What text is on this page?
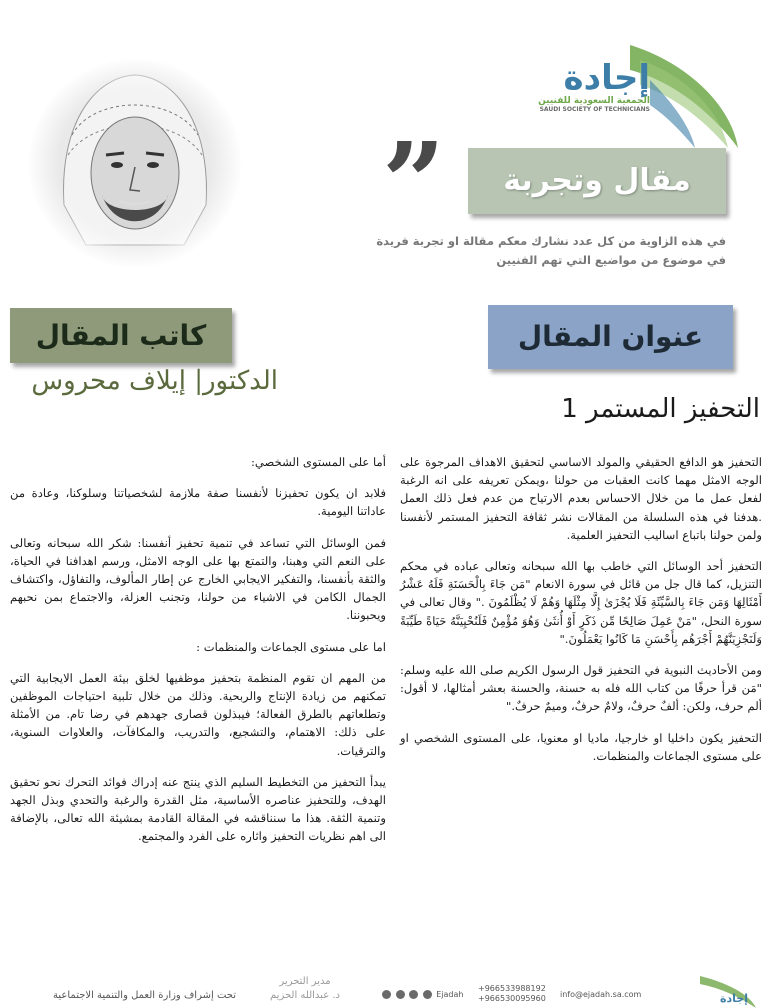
إجادة
الجمعية السعودية للفنيين
SAUDI SOCIETY OF TECHNICIANS
”	مقال وتجربة
في هذه الزاوية من كل عدد نشارك معكم مقالة او تجربة فريدة في موضوع من مواضيع التي تهم الفنيين
عنوان المقال
كاتب المقال
الدكتور| إيلاف محروس
التحفيز المستمر 1

التحفيز هو الدافع الحقيقي والمولد الاساسي لتحقيق الاهداف المرجوة على الوجه الامثل مهما كانت العقبات من حولنا ،ويمكن تعريفه على انه الرغبة لفعل عمل ما من خلال الاحساس بعدم الارتياح من عدم فعل ذلك العمل .هدفنا في هذه السلسلة من المقالات نشر ثقافة التحفيز المستمر لأنفسنا ولمن حولنا باتباع اساليب التحفيز العلمية.

التحفيز أحد الوسائل التي خاطب بها الله سبحانه وتعالى عباده في محكم التنزيل، كما قال جل من قائل في سورة الانعام "مَن جَاءَ بِالْحَسَنَةِ فَلَهُ عَشْرُ أَمْثَالِهَا وَمَن جَاءَ بِالسَّيِّئَةِ فَلَا يُجْزَىٰ إِلَّا مِثْلَهَا وَهُمْ لَا يُظْلَمُونَ ." وقال تعالى في سورة النحل، "مَنْ عَمِلَ صَالِحًا مِّن ذَكَرٍ أَوْ أُنثَىٰ وَهُوَ مُؤْمِنٌ فَلَنُحْيِيَنَّهُ حَيَاةً طَيِّبَةً وَلَنَجْزِيَنَّهُمْ أَجْرَهُم بِأَحْسَنِ مَا كَانُوا يَعْمَلُونَ."

ومن الأحاديث النبوية في التحفيز قول الرسول الكريم صلى الله عليه وسلم: "مَن قرأ حرفًا من كتاب الله فله به حسنة، والحسنة بعشر أمثالها، لا أقول: ألم حرف، ولكن: ألفٌ حرفٌ، ولامٌ حرفٌ، وميمٌ حرفٌ."

التحفيز يكون داخليا او خارجيا، ماديا او معنويا، على المستوى الشخصي او على مستوى الجماعات والمنظمات.

أما على المستوى الشخصي:

فلابد ان يكون تحفيزنا لأنفسنا صفة ملازمة لشخصياتنا وسلوكنا، وعادة من عاداتنا اليومية.

فمن الوسائل التي تساعد في تنمية تحفيز أنفسنا: شكر الله سبحانه وتعالى على النعم التي وهبنا، والتمتع بها على الوجه الامثل، ورسم اهدافنا في الحياة، والثقة بأنفسنا، والتفكير الايجابي الخارج عن إطار المألوف، والتفاؤل، واكتشاف الجمال الكامن في الاشياء من حولنا، وتجنب العزلة، والاجتماع بمن نحبهم ويحبوننا.

اما على مستوى الجماعات والمنظمات :

من المهم ان تقوم المنظمة بتحفيز موظفيها لخلق بيئة العمل الايجابية التي تمكنهم من زيادة الإنتاج والربحية. وذلك من خلال تلبية احتياجات الموظفين وتطلعاتهم بالطرق الفعالة؛ فيبذلون قصارى جهدهم في رضا تام. من الأمثلة على ذلك: الاهتمام، والتشجيع، والتدريب، والمكافآت، والعلاوات السنوية، والترقيات.

يبدأ التحفيز من التخطيط السليم الذي ينتج عنه إدراك فوائد التحرك نحو تحقيق الهدف، وللتحفيز عناصره الأساسية، مثل القدرة والرغبة والتحدي وبذل الجهد وتنمية الثقة. هذا ما سنناقشه في المقالة القادمة بمشيئة الله تعالى، بالإضافة الى اهم نظريات التحفيز واثاره على الفرد والمجتمع.

إجادة
info@ejadah.sa.com
+966533988192
+966530095960
Ejadah
مدير التحرير
د. عبدالله الحزيم
تحت إشراف وزارة العمل والتنمية الاجتماعية
